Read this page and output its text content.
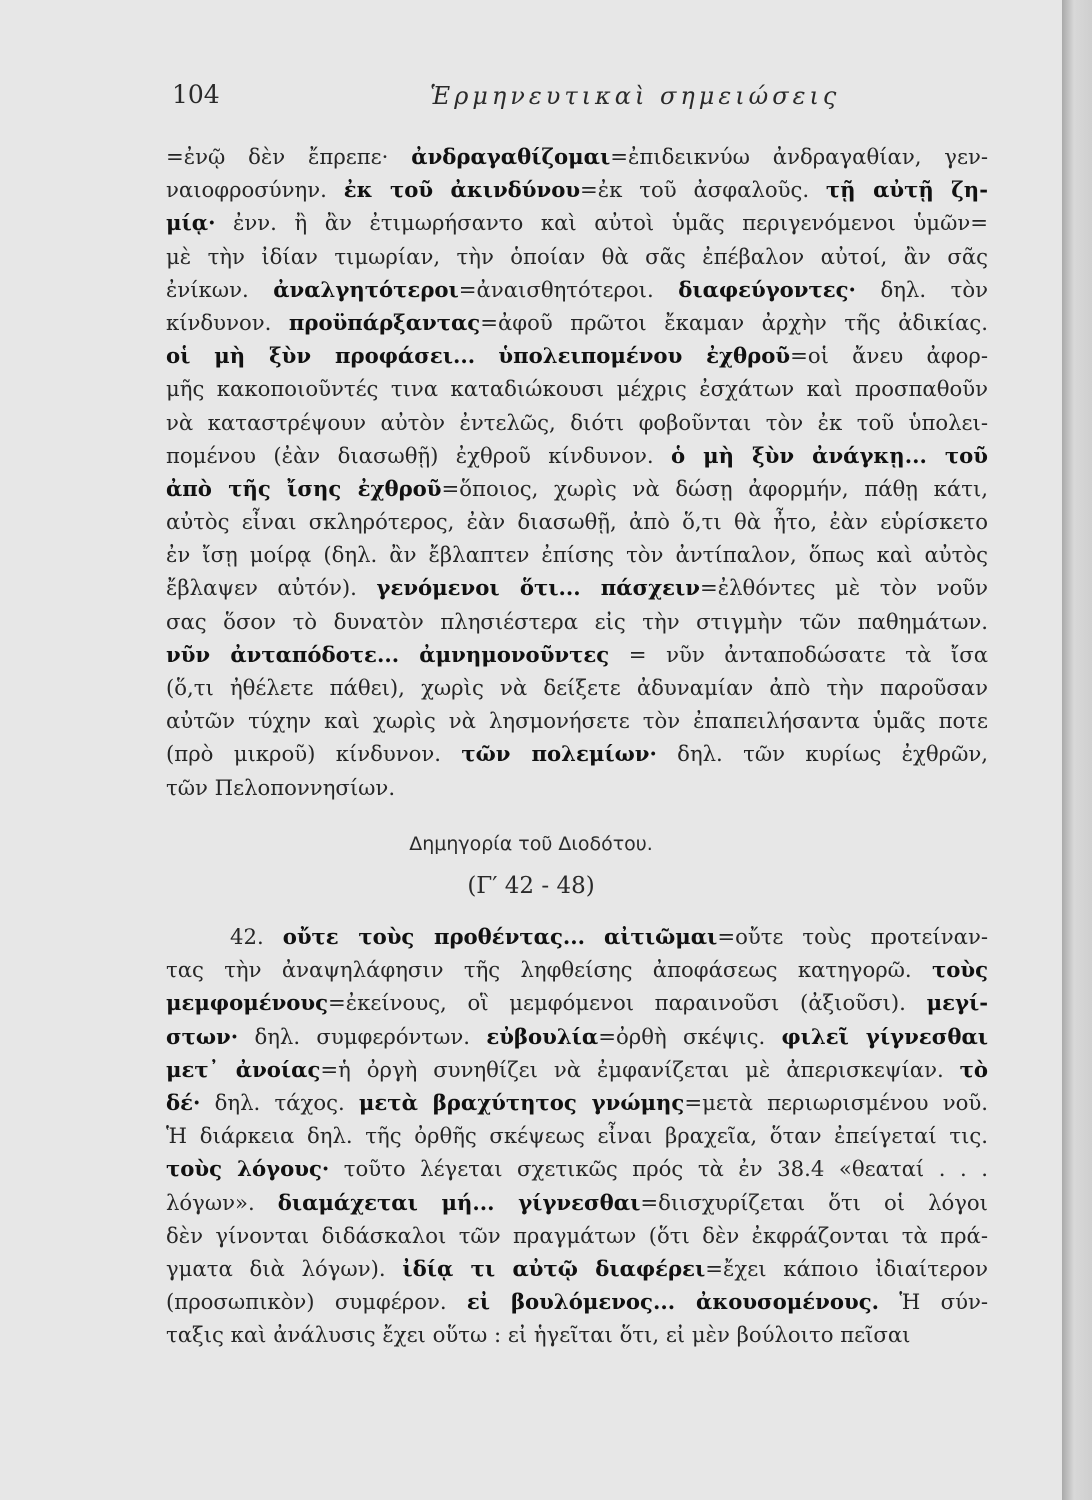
104	Ἑρμηνευτικαὶ σημειώσεις
=ἐνῷ δὲν ἔπρεπε· ἀνδραγαθίζομαι=ἐπιδεικνύω ἀνδραγαθίαν, γεν-
ναιοφροσύνην. ἐκ τοῦ ἀκινδύνου=ἐκ τοῦ ἀσφαλοῦς. τῇ αὐτῇ ζη-
μίᾳ· ἐνν. ἢ ἂν ἐτιμωρήσαντο καὶ αὐτοὶ ὑμᾶς περιγενόμενοι ὑμῶν=
μὲ τὴν ἰδίαν τιμωρίαν, τὴν ὁποίαν θὰ σᾶς ἐπέβαλον αὐτοί, ἂν σᾶς
ἐνίκων. ἀναλγητότεροι=ἀναισθητότεροι. διαφεύγοντες· δηλ. τὸν
κίνδυνον. προϋπάρξαντας=ἀφοῦ πρῶτοι ἔκαμαν ἀρχὴν τῆς ἀδικίας.
οἱ μὴ ξὺν προφάσει... ὑπολειπομένου ἐχθροῦ=οἱ ἄνευ ἀφορ-
μῆς κακοποιοῦντές τινα καταδιώκουσι μέχρις ἐσχάτων καὶ προσπαθοῦν
νὰ καταστρέψουν αὐτὸν ἐντελῶς, διότι φοβοῦνται τὸν ἐκ τοῦ ὑπολει-
πομένου (ἐὰν διασωθῇ) ἐχθροῦ κίνδυνον. ὁ μὴ ξὺν ἀνάγκῃ... τοῦ
ἀπὸ τῆς ἴσης ἐχθροῦ=ὅποιος, χωρὶς νὰ δώσῃ ἀφορμήν, πάθῃ κάτι,
αὐτὸς εἶναι σκληρότερος, ἐὰν διασωθῇ, ἀπὸ ὅ,τι θὰ ἦτο, ἐὰν εὑρίσκετο
ἐν ἴσῃ μοίρᾳ (δηλ. ἂν ἔβλαπτεν ἐπίσης τὸν ἀντίπαλον, ὅπως καὶ αὐτὸς
ἔβλαψεν αὐτόν). γενόμενοι ὅτι... πάσχειν=ἐλθόντες μὲ τὸν νοῦν
σας ὅσον τὸ δυνατὸν πλησιέστερα εἰς τὴν στιγμὴν τῶν παθημάτων.
νῦν ἀνταπόδοτε... ἀμνημονοῦντες = νῦν ἀνταποδώσατε τὰ ἴσα
(ὅ,τι ἠθέλετε πάθει), χωρὶς νὰ δείξετε ἀδυναμίαν ἀπὸ τὴν παροῦσαν
αὐτῶν τύχην καὶ χωρὶς νὰ λησμονήσετε τὸν ἐπαπειλήσαντα ὑμᾶς ποτε
(πρὸ μικροῦ) κίνδυνον. τῶν πολεμίων· δηλ. τῶν κυρίως ἐχθρῶν,
τῶν Πελοποννησίων.
Δημηγορία τοῦ Διοδότου.
(Γ′ 42 - 48)
42. οὔτε τοὺς προθέντας... αἰτιῶμαι=οὔτε τοὺς προτείναν-
τας τὴν ἀναψηλάφησιν τῆς ληφθείσης ἀποφάσεως κατηγορῶ. τοὺς
μεμφομένους=ἐκείνους, οἳ μεμφόμενοι παραινοῦσι (ἀξιοῦσι). μεγί-
στων· δηλ. συμφερόντων. εὐβουλία=ὀρθὴ σκέψις. φιλεῖ γίγνεσθαι
μετ᾽ ἀνοίας=ἡ ὀργὴ συνηθίζει νὰ ἐμφανίζεται μὲ ἀπερισκεψίαν. τὸ
δέ· δηλ. τάχος. μετὰ βραχύτητος γνώμης=μετὰ περιωρισμένου νοῦ.
Ἡ διάρκεια δηλ. τῆς ὀρθῆς σκέψεως εἶναι βραχεῖα, ὅταν ἐπείγεταί τις.
τοὺς λόγους· τοῦτο λέγεται σχετικῶς πρός τὰ ἐν 38.4 «θεαταί . . .
λόγων». διαμάχεται μή... γίγνεσθαι=διισχυρίζεται ὅτι οἱ λόγοι
δὲν γίνονται διδάσκαλοι τῶν πραγμάτων (ὅτι δὲν ἐκφράζονται τὰ πρά-
γματα διὰ λόγων). ἰδίᾳ τι αὐτῷ διαφέρει=ἔχει κάποιο ἰδιαίτερον
(προσωπικὸν) συμφέρον. εἰ βουλόμενος... ἀκουσομένους. Ἡ σύν-
ταξις καὶ ἀνάλυσις ἔχει οὕτω : εἰ ἡγεῖται ὅτι, εἰ μὲν βούλοιτο πεῖσαι
